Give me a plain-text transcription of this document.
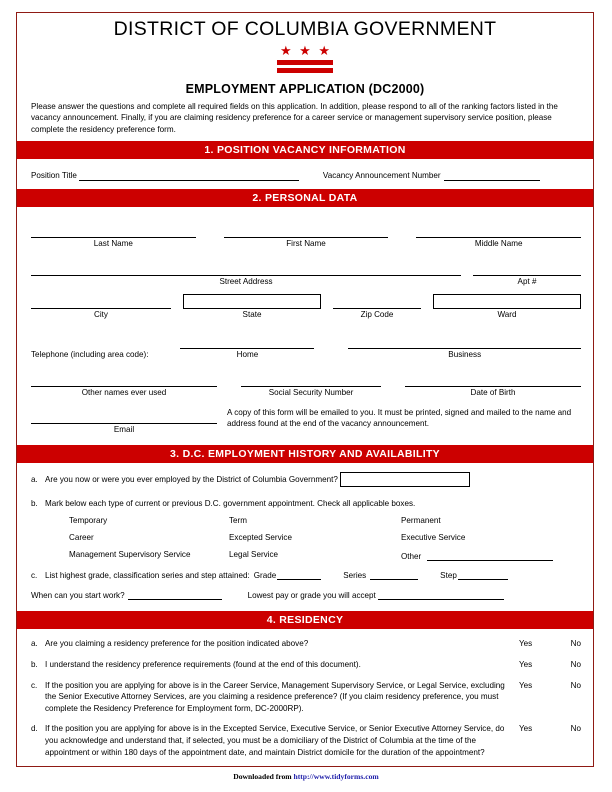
DISTRICT OF COLUMBIA GOVERNMENT
★ ★ ★
EMPLOYMENT APPLICATION (DC2000)
Please answer the questions and complete all required fields on this application. In addition, please respond to all of the ranking factors listed in the vacancy announcement. Finally, if you are claiming residency preference for a career service or management supervisory service position, please complete the residency preference form.
1. POSITION VACANCY INFORMATION
Position Title	Vacancy Announcement Number
2. PERSONAL DATA
Last Name	First Name	Middle Name
Street Address	Apt #
City	State	Zip Code	Ward
Telephone (including area code):	Home	Business
Other names ever used	Social Security Number	Date of Birth
Email
A copy of this form will be emailed to you. It must be printed, signed and mailed to the name and address found at the end of the vacancy announcement.
3. D.C. EMPLOYMENT HISTORY AND AVAILABILITY
a. Are you now or were you ever employed by the District of Columbia Government?
b. Mark below each type of current or previous D.C. government appointment. Check all applicable boxes.
Temporary	Term	Permanent
Career	Excepted Service	Executive Service
Management Supervisory Service	Legal Service	Other
c. List highest grade, classification series and step attained: Grade	Series	Step
When can you start work?	Lowest pay or grade you will accept
4. RESIDENCY
a. Are you claiming a residency preference for the position indicated above?	Yes	No
b. I understand the residency preference requirements (found at the end of this document).	Yes	No
c. If the position you are applying for above is in the Career Service, Management Supervisory Service, or Legal Service, excluding the Senior Executive Attorney Services, are you claiming a residence preference? (If you claim residency preference, you must complete the Residency Preference for Employment form, DC-2000RP).
Yes	No
d. If the position you are applying for above is in the Excepted Service, Executive Service, or Senior Executive Attorney Service, do you acknowledge and understand that, if selected, you must be a domiciliary of the District of Columbia at the time of the appointment or within 180 days of the appointment date, and maintain District domicile for the duration of the appointment?
Yes	No
Downloaded from http://www.tidyforms.com
